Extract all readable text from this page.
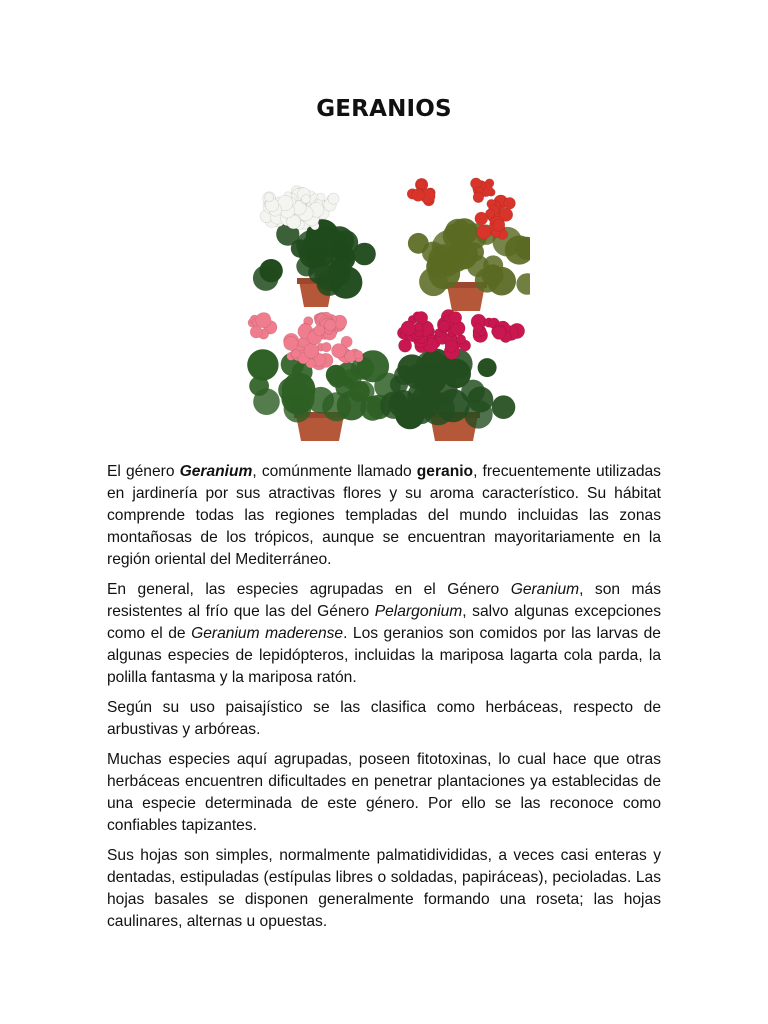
GERANIOS

El género Geranium, comúnmente llamado geranio, frecuentemente utilizadas en jardinería por sus atractivas flores y su aroma característico. Su hábitat comprende todas las regiones templadas del mundo incluidas las zonas montañosas de los trópicos, aunque se encuentran mayoritariamente en la región oriental del Mediterráneo.

En general, las especies agrupadas en el Género Geranium, son más resistentes al frío que las del Género Pelargonium, salvo algunas excepciones como el de Geranium maderense. Los geranios son comidos por las larvas de algunas especies de lepidópteros, incluidas la mariposa lagarta cola parda, la polilla fantasma y la mariposa ratón.

Según su uso paisajístico se las clasifica como herbáceas, respecto de arbustivas y arbóreas.

Muchas especies aquí agrupadas, poseen fitotoxinas, lo cual hace que otras herbáceas encuentren dificultades en penetrar plantaciones ya establecidas de una especie determinada de este género. Por ello se las reconoce como confiables tapizantes.

Sus hojas son simples, normalmente palmatidivididas, a veces casi enteras y dentadas, estipuladas (estípulas libres o soldadas, papiráceas), pecioladas. Las hojas basales se disponen generalmente formando una roseta; las hojas caulinares, alternas u opuestas.
